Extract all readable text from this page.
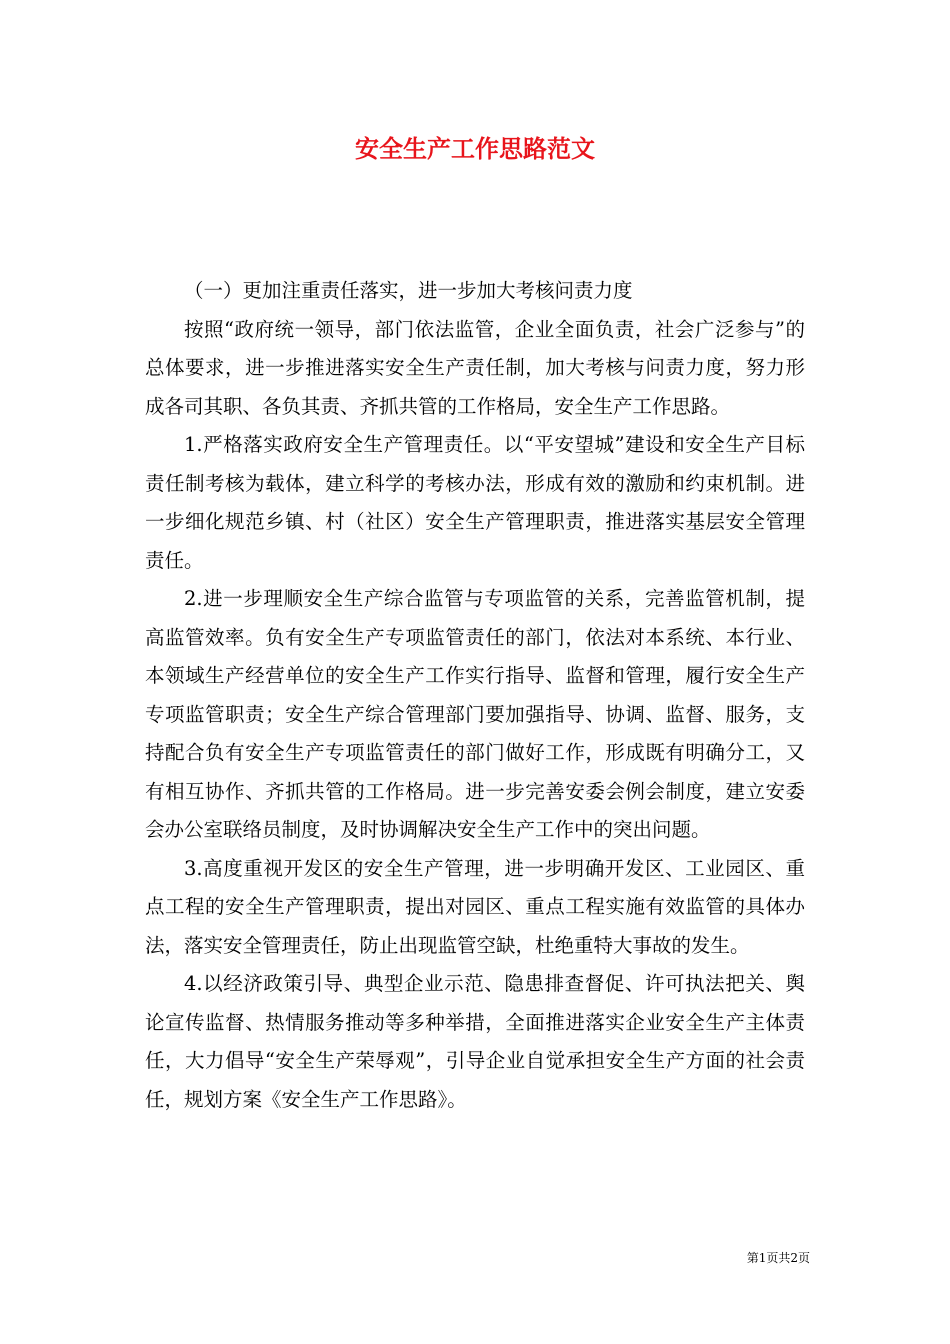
安全生产工作思路范文

（一）更加注重责任落实，进一步加大考核问责力度

按照“政府统一领导，部门依法监管，企业全面负责，社会广泛参与”的总体要求，进一步推进落实安全生产责任制，加大考核与问责力度，努力形成各司其职、各负其责、齐抓共管的工作格局，安全生产工作思路。

1.严格落实政府安全生产管理责任。以“平安望城”建设和安全生产目标责任制考核为载体，建立科学的考核办法，形成有效的激励和约束机制。进一步细化规范乡镇、村（社区）安全生产管理职责，推进落实基层安全管理责任。

2.进一步理顺安全生产综合监管与专项监管的关系，完善监管机制，提高监管效率。负有安全生产专项监管责任的部门，依法对本系统、本行业、本领域生产经营单位的安全生产工作实行指导、监督和管理，履行安全生产专项监管职责；安全生产综合管理部门要加强指导、协调、监督、服务，支持配合负有安全生产专项监管责任的部门做好工作，形成既有明确分工，又有相互协作、齐抓共管的工作格局。进一步完善安委会例会制度，建立安委会办公室联络员制度，及时协调解决安全生产工作中的突出问题。

3.高度重视开发区的安全生产管理，进一步明确开发区、工业园区、重点工程的安全生产管理职责，提出对园区、重点工程实施有效监管的具体办法，落实安全管理责任，防止出现监管空缺，杜绝重特大事故的发生。

4.以经济政策引导、典型企业示范、隐患排查督促、许可执法把关、舆论宣传监督、热情服务推动等多种举措，全面推进落实企业安全生产主体责任，大力倡导“安全生产荣辱观”，引导企业自觉承担安全生产方面的社会责任，规划方案《安全生产工作思路》。

第1页共2页
